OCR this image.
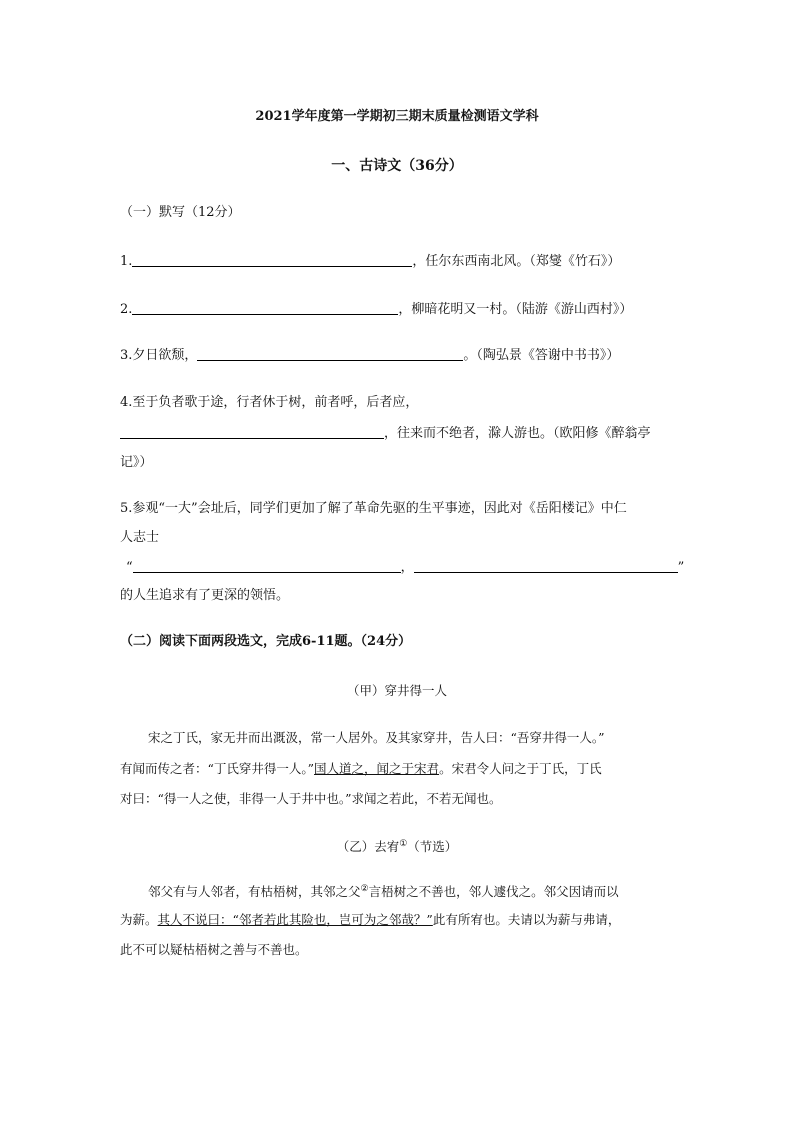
2021学年度第一学期初三期末质量检测语文学科
一、古诗文（36分）
（一）默写（12分）
1.	，任尔东西南北风。（郑燮《竹石》）
2.	，柳暗花明又一村。（陆游《游山西村》）
3.夕日欲颓，	。（陶弘景《答谢中书书》）
4.至于负者歌于途，行者休于树，前者呼，后者应，
，往来而不绝者，滁人游也。（欧阳修《醉翁亭
记》）
5.参观“一大”会址后，同学们更加了解了革命先驱的生平事迹，因此对《岳阳楼记》中仁
人志士
“	，	”
的人生追求有了更深的领悟。
（二）阅读下面两段选文，完成6-11题。（24分）
（甲）穿井得一人
宋之丁氏，家无井而出溉汲，常一人居外。及其家穿井，告人曰：“吾穿井得一人。”
有闻而传之者：“丁氏穿井得一人。”国人道之，闻之于宋君。宋君令人问之于丁氏，丁氏
对曰：“得一人之使，非得一人于井中也。”求闻之若此，不若无闻也。
（乙）去宥①（节选）
邻父有与人邻者，有枯梧树，其邻之父②言梧树之不善也，邻人遽伐之。邻父因请而以
为薪。其人不说曰：“邻者若此其险也，岂可为之邻哉？”此有所宥也。夫请以为薪与弗请，
此不可以疑枯梧树之善与不善也。
